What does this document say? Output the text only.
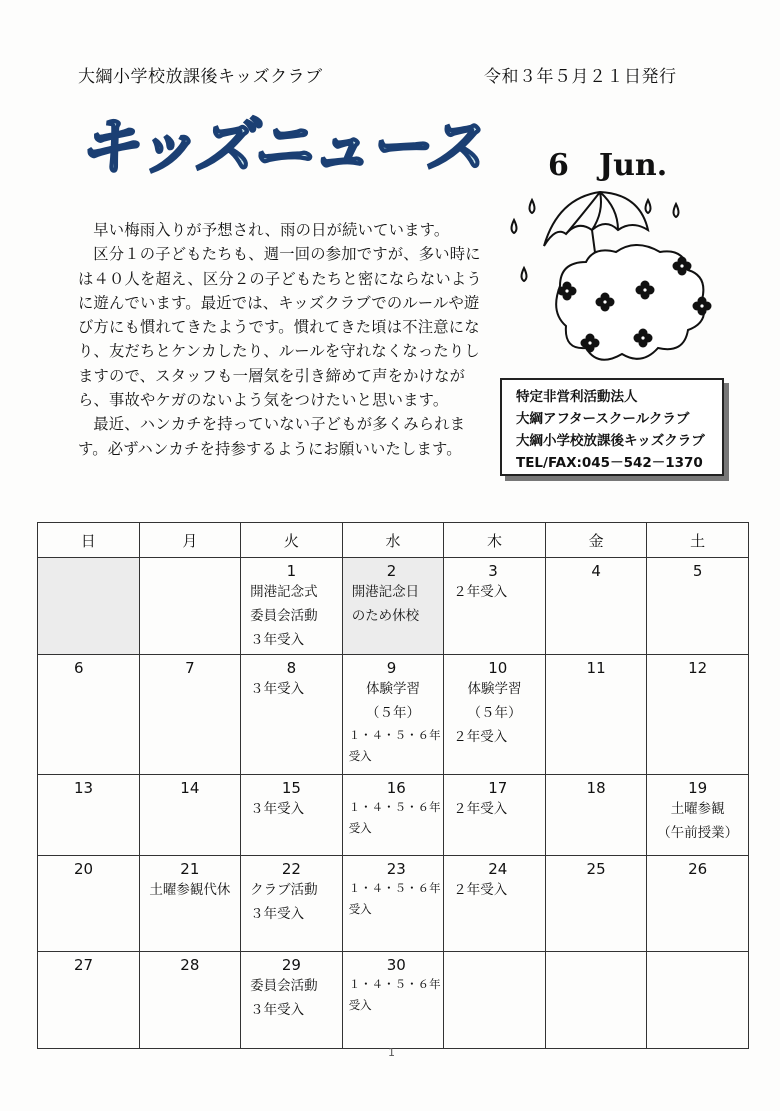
大綱小学校放課後キッズクラブ	令和３年５月２１日発行
キッズニュース 6　Jun.

早い梅雨入りが予想され、雨の日が続いています。

区分１の子どもたちも、週一回の参加ですが、多い時には４０人を超え、区分２の子どもたちと密にならないように遊んでいます。最近では、キッズクラブでのルールや遊び方にも慣れてきたようです。慣れてきた頃は不注意になり、友だちとケンカしたり、ルールを守れなくなったりしますので、スタッフも一層気を引き締めて声をかけながら、事故やケガのないよう気をつけたいと思います。

最近、ハンカチを持っていない子どもが多くみられます。必ずハンカチを持参するようにお願いいたします。

特定非営利活動法人
大綱アフタースクールクラブ
大綱小学校放課後キッズクラブ
TEL/FAX:045－542－1370
日	月	火	水	木	金	土

		1
開港記念式
委員会活動
３年受入	2
開港記念日
のため休校	3
２年受入	4	5

6	7	8
３年受入	9
体験学習
（５年）
１・４・５・６年
受入	10
体験学習
（５年）
２年受入	11	12

13	14	15
３年受入	16
１・４・５・６年
受入	17
２年受入	18	19
土曜参観
（午前授業）

20	21
土曜参観代休	22
クラブ活動
３年受入	23
１・４・５・６年
受入	24
２年受入	25	26

27	28	29
委員会活動
３年受入	30
１・４・５・６年
受入			

1
